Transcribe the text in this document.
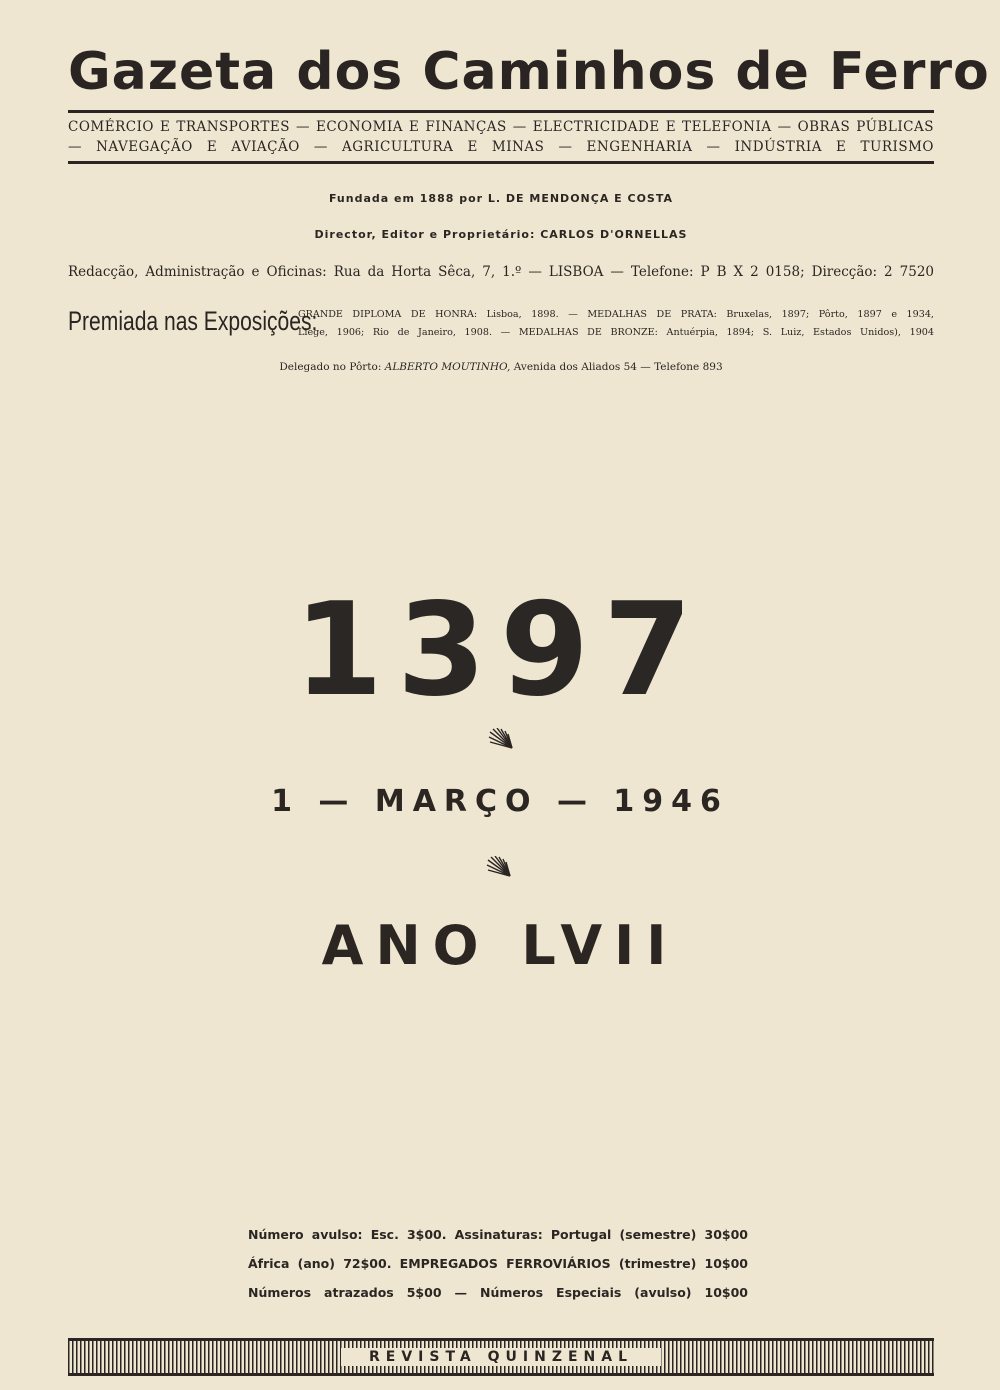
Gazeta dos Caminhos de Ferro
COMÉRCIO E TRANSPORTES — ECONOMIA E FINANÇAS — ELECTRICIDADE E TELEFONIA — OBRAS PÚBLICAS
— NAVEGAÇÃO E AVIAÇÃO — AGRICULTURA E MINAS — ENGENHARIA — INDÚSTRIA E TURISMO
Fundada em 1888 por L. DE MENDONÇA E COSTA
Director, Editor e Proprietário: CARLOS D'ORNELLAS
Redacção, Administração e Oficinas: Rua da Horta Sêca, 7, 1.º — LISBOA — Telefone: P B X 2 0158; Direcção: 2 7520
Premiada nas Exposições:
GRANDE DIPLOMA DE HONRA: Lisboa, 1898. — MEDALHAS DE PRATA: Bruxelas, 1897; Pôrto, 1897 e 1934,
Liège, 1906; Rio de Janeiro, 1908. — MEDALHAS DE BRONZE: Antuérpia, 1894; S. Luiz, Estados Unidos), 1904
Delegado no Pôrto: ALBERTO MOUTINHO, Avenida dos Aliados 54 — Telefone 893
1397
1 — MARÇO — 1946
ANO LVII
Número avulso: Esc. 3$00. Assinaturas: Portugal (semestre) 30$00
África (ano) 72$00. EMPREGADOS FERROVIÁRIOS (trimestre) 10$00
Números atrazados 5$00 — Números Especiais (avulso) 10$00
REVISTA QUINZENAL
